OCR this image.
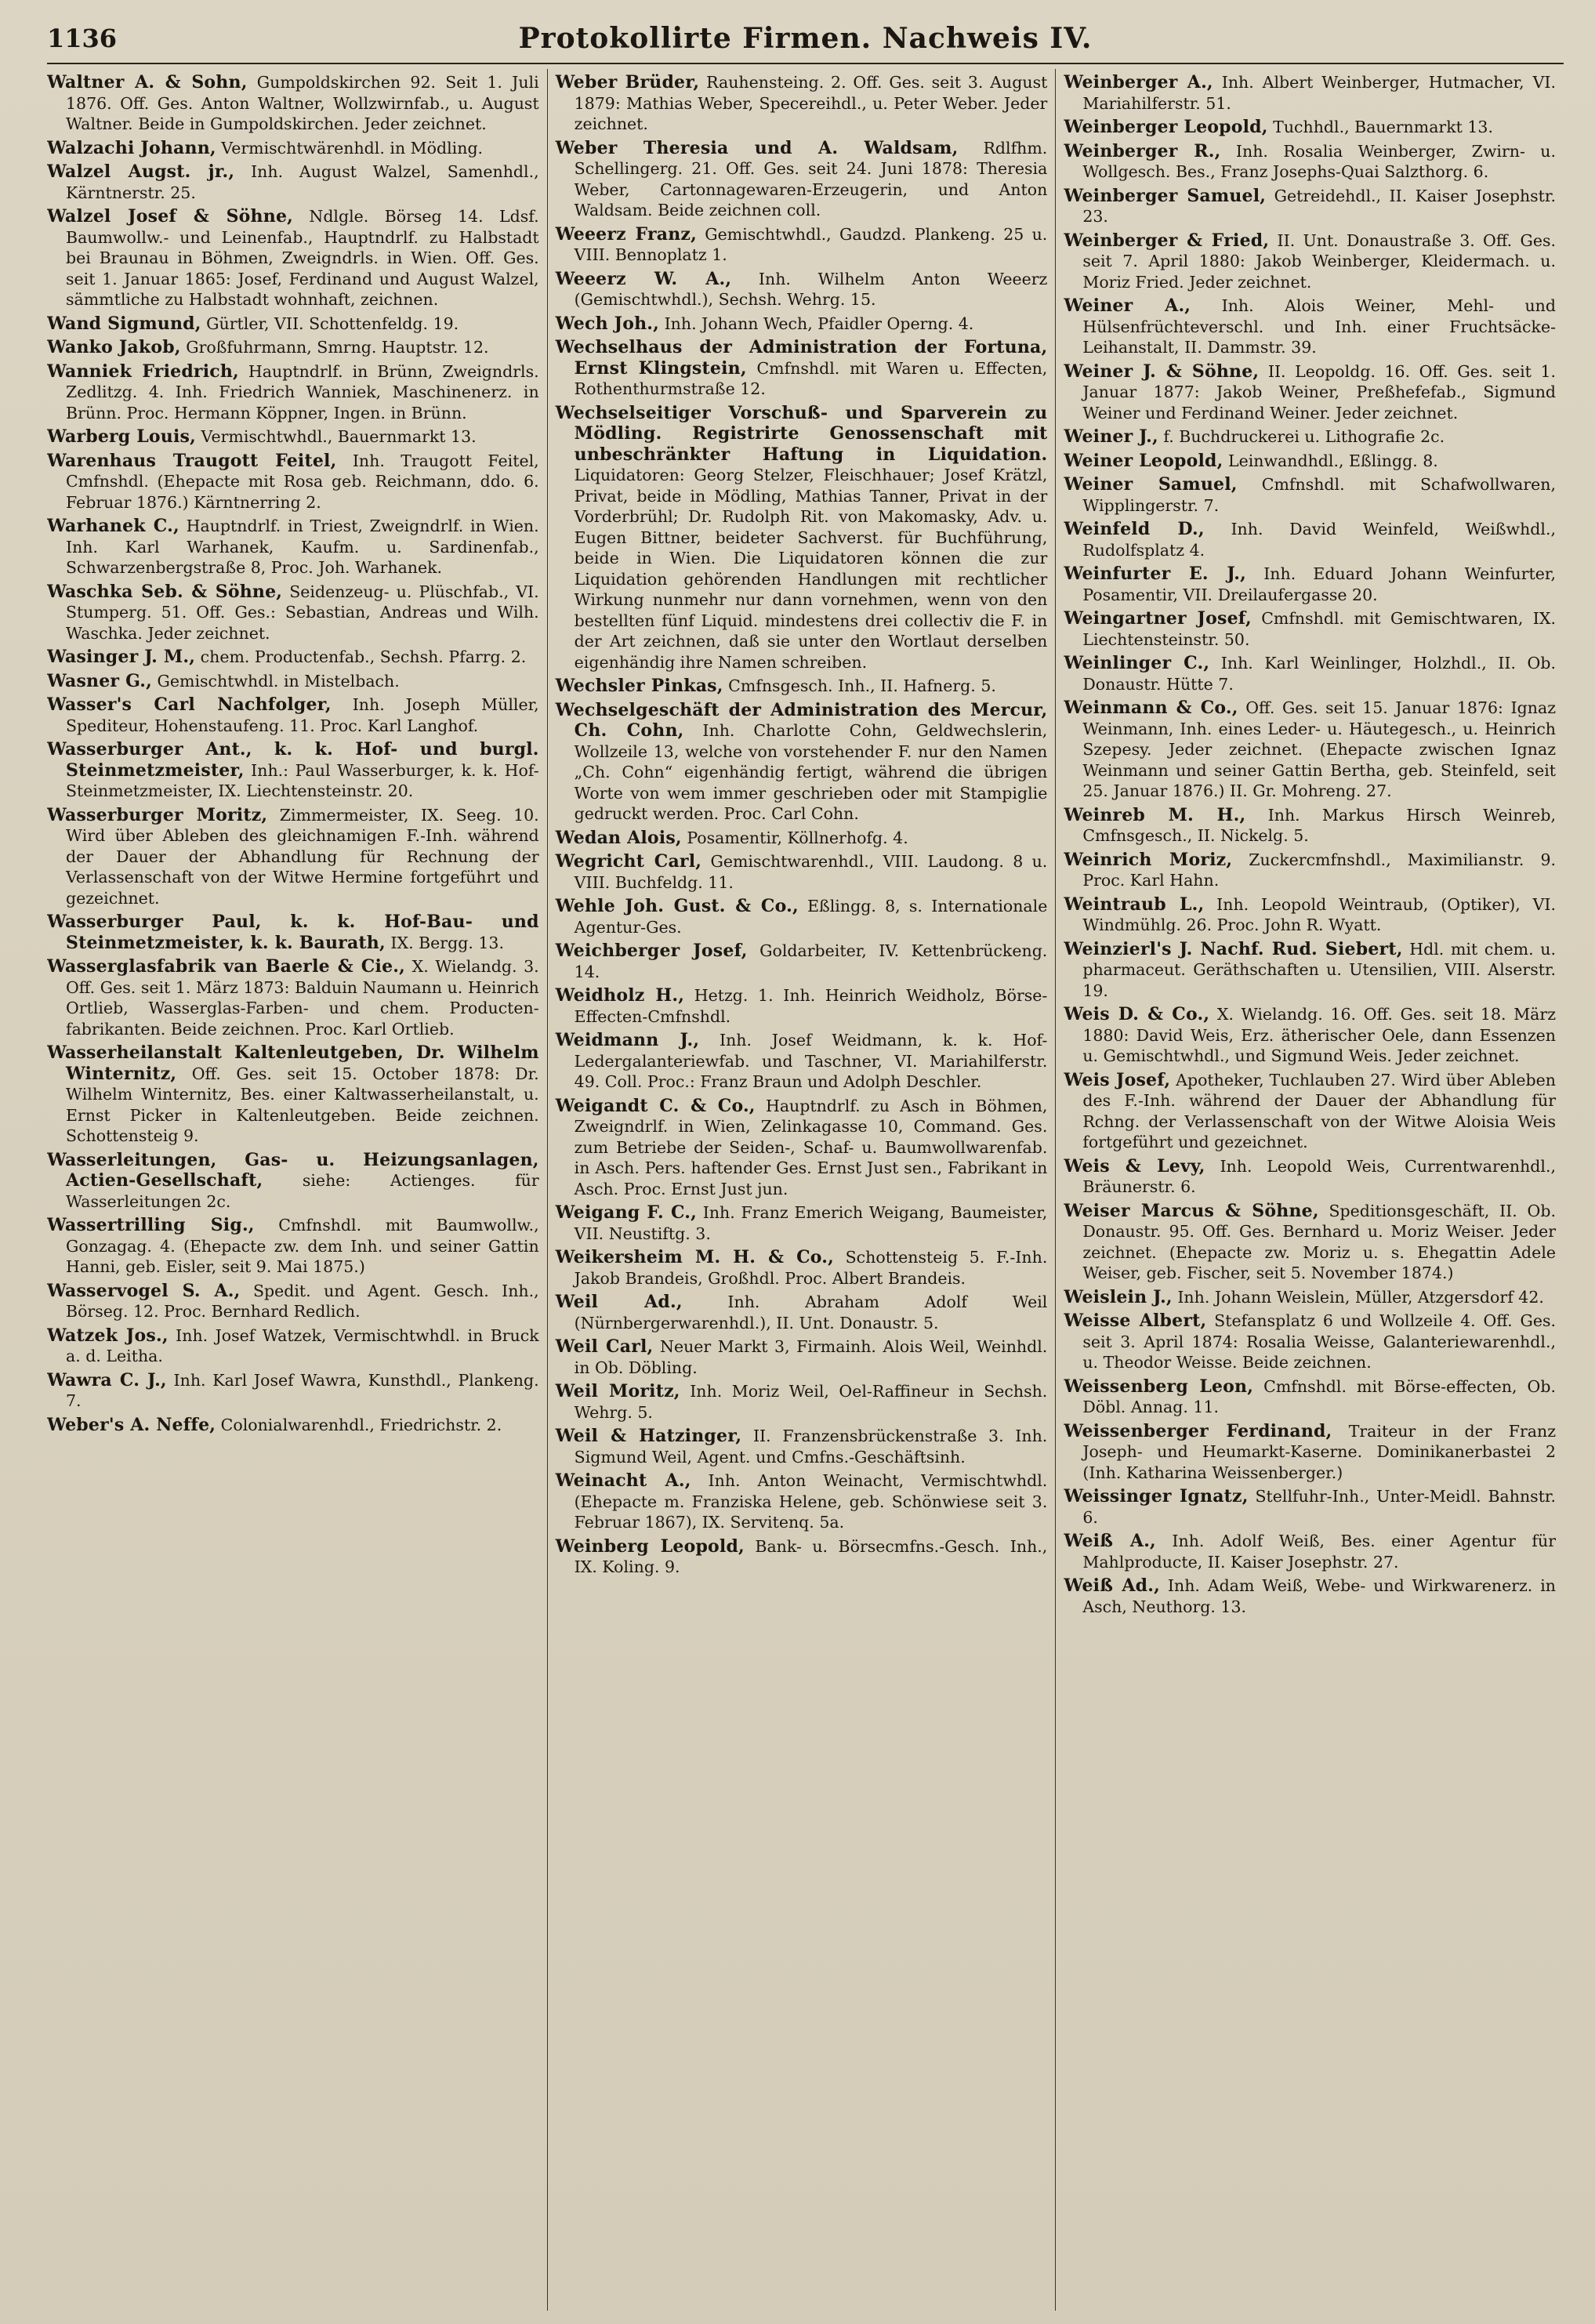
1136	Protokollirte Firmen. Nachweis IV.

Waltner A. & Sohn, Gumpoldskirchen 92. Seit 1. Juli 1876. Off. Ges. Anton Waltner, Wollzwirnfab., u. August Waltner. Beide in Gumpoldskirchen. Jeder zeichnet.

Walzachi Johann, Vermischtwärenhdl. in Mödling.

Walzel Augst. jr., Inh. August Walzel, Samenhdl., Kärntnerstr. 25.

Walzel Josef & Söhne, Ndlgle. Börseg 14. Ldsf. Baumwollw.- und Leinenfab., Hauptndrlf. zu Halbstadt bei Braunau in Böhmen, Zweigndrls. in Wien. Off. Ges. seit 1. Januar 1865: Josef, Ferdinand und August Walzel, sämmtliche zu Halbstadt wohnhaft, zeichnen.

Wand Sigmund, Gürtler, VII. Schottenfeldg. 19.

Wanko Jakob, Großfuhrmann, Smrng. Hauptstr. 12.

Wanniek Friedrich, Hauptndrlf. in Brünn, Zweigndrls. Zedlitzg. 4. Inh. Friedrich Wanniek, Maschinenerz. in Brünn. Proc. Hermann Köppner, Ingen. in Brünn.

Warberg Louis, Vermischtwhdl., Bauernmarkt 13.

Warenhaus Traugott Feitel, Inh. Traugott Feitel, Cmfnshdl. (Ehepacte mit Rosa geb. Reichmann, ddo. 6. Februar 1876.) Kärntnerring 2.

Warhanek C., Hauptndrlf. in Triest, Zweigndrlf. in Wien. Inh. Karl Warhanek, Kaufm. u. Sardinenfab., Schwarzenbergstraße 8, Proc. Joh. Warhanek.

Waschka Seb. & Söhne, Seidenzeug- u. Plüschfab., VI. Stumperg. 51. Off. Ges.: Sebastian, Andreas und Wilh. Waschka. Jeder zeichnet.

Wasinger J. M., chem. Productenfab., Sechsh. Pfarrg. 2.

Wasner G., Gemischtwhdl. in Mistelbach.

Wasser's Carl Nachfolger, Inh. Joseph Müller, Spediteur, Hohenstaufeng. 11. Proc. Karl Langhof.

Wasserburger Ant., k. k. Hof- und burgl. Steinmetzmeister, Inh.: Paul Wasserburger, k. k. Hof-Steinmetzmeister, IX. Liechtensteinstr. 20.

Wasserburger Moritz, Zimmermeister, IX. Seeg. 10. Wird über Ableben des gleichnamigen F.-Inh. während der Dauer der Abhandlung für Rechnung der Verlassenschaft von der Witwe Hermine fortgeführt und gezeichnet.

Wasserburger Paul, k. k. Hof-Bau- und Steinmetzmeister, k. k. Baurath, IX. Bergg. 13.

Wasserglasfabrik van Baerle & Cie., X. Wielandg. 3. Off. Ges. seit 1. März 1873: Balduin Naumann u. Heinrich Ortlieb, Wasserglas-Farben- und chem. Producten-fabrikanten. Beide zeichnen. Proc. Karl Ortlieb.

Wasserheilanstalt Kaltenleutgeben, Dr. Wilhelm Winternitz, Off. Ges. seit 15. October 1878: Dr. Wilhelm Winternitz, Bes. einer Kaltwasserheilanstalt, u. Ernst Picker in Kaltenleutgeben. Beide zeichnen. Schottensteig 9.

Wasserleitungen, Gas- u. Heizungsanlagen, Actien-Gesellschaft, siehe: Actienges. für Wasserleitungen 2c.

Wassertrilling Sig., Cmfnshdl. mit Baumwollw., Gonzagag. 4. (Ehepacte zw. dem Inh. und seiner Gattin Hanni, geb. Eisler, seit 9. Mai 1875.)

Wasservogel S. A., Spedit. und Agent. Gesch. Inh., Börseg. 12. Proc. Bernhard Redlich.

Watzek Jos., Inh. Josef Watzek, Vermischtwhdl. in Bruck a. d. Leitha.

Wawra C. J., Inh. Karl Josef Wawra, Kunsthdl., Plankeng. 7.

Weber's A. Neffe, Colonialwarenhdl., Friedrichstr. 2.

Weber Brüder, Rauhensteing. 2. Off. Ges. seit 3. August 1879: Mathias Weber, Specereihdl., u. Peter Weber. Jeder zeichnet.

Weber Theresia und A. Waldsam, Rdlfhm. Schellingerg. 21. Off. Ges. seit 24. Juni 1878: Theresia Weber, Cartonnagewaren-Erzeugerin, und Anton Waldsam. Beide zeichnen coll.

Weeerz Franz, Gemischtwhdl., Gaudzd. Plankeng. 25 u. VIII. Bennoplatz 1.

Weeerz W. A., Inh. Wilhelm Anton Weeerz (Gemischtwhdl.), Sechsh. Wehrg. 15.

Wech Joh., Inh. Johann Wech, Pfaidler Operng. 4.

Wechselhaus der Administration der Fortuna, Ernst Klingstein, Cmfnshdl. mit Waren u. Effecten, Rothenthurmstraße 12.

Wechselseitiger Vorschuß- und Sparverein zu Mödling. Registrirte Genossenschaft mit unbeschränkter Haftung in Liquidation. Liquidatoren: Georg Stelzer, Fleischhauer; Josef Krätzl, Privat, beide in Mödling, Mathias Tanner, Privat in der Vorderbrühl; Dr. Rudolph Rit. von Makomasky, Adv. u. Eugen Bittner, beideter Sachverst. für Buchführung, beide in Wien. Die Liquidatoren können die zur Liquidation gehörenden Handlungen mit rechtlicher Wirkung nunmehr nur dann vornehmen, wenn von den bestellten fünf Liquid. mindestens drei collectiv die F. in der Art zeichnen, daß sie unter den Wortlaut derselben eigenhändig ihre Namen schreiben.

Wechsler Pinkas, Cmfnsgesch. Inh., II. Hafnerg. 5.

Wechselgeschäft der Administration des Mercur, Ch. Cohn, Inh. Charlotte Cohn, Geldwechslerin, Wollzeile 13, welche von vorstehender F. nur den Namen „Ch. Cohn“ eigenhändig fertigt, während die übrigen Worte von wem immer geschrieben oder mit Stampiglie gedruckt werden. Proc. Carl Cohn.

Wedan Alois, Posamentir, Köllnerhofg. 4.

Wegricht Carl, Gemischtwarenhdl., VIII. Laudong. 8 u. VIII. Buchfeldg. 11.

Wehle Joh. Gust. & Co., Eßlingg. 8, s. Internationale Agentur-Ges.

Weichberger Josef, Goldarbeiter, IV. Kettenbrückeng. 14.

Weidholz H., Hetzg. 1. Inh. Heinrich Weidholz, Börse-Effecten-Cmfnshdl.

Weidmann J., Inh. Josef Weidmann, k. k. Hof-Ledergalanteriewfab. und Taschner, VI. Mariahilferstr. 49. Coll. Proc.: Franz Braun und Adolph Deschler.

Weigandt C. & Co., Hauptndrlf. zu Asch in Böhmen, Zweigndrlf. in Wien, Zelinkagasse 10, Command. Ges. zum Betriebe der Seiden-, Schaf- u. Baumwollwarenfab. in Asch. Pers. haftender Ges. Ernst Just sen., Fabrikant in Asch. Proc. Ernst Just jun.

Weigang F. C., Inh. Franz Emerich Weigang, Baumeister, VII. Neustiftg. 3.

Weikersheim M. H. & Co., Schottensteig 5. F.-Inh. Jakob Brandeis, Großhdl. Proc. Albert Brandeis.

Weil Ad.,	Inh. Abraham Adolf Weil (Nürnbergerwarenhdl.), II. Unt. Donaustr. 5.

Weil Carl, Neuer Markt 3, Firmainh. Alois Weil, Weinhdl. in Ob. Döbling.

Weil Moritz, Inh. Moriz Weil, Oel-Raffineur in Sechsh. Wehrg. 5.

Weil & Hatzinger, II. Franzensbrückenstraße 3. Inh. Sigmund Weil, Agent. und Cmfns.-Geschäftsinh.

Weinacht A., Inh. Anton Weinacht, Vermischtwhdl. (Ehepacte m. Franziska Helene, geb. Schönwiese seit 3. Februar 1867), IX. Servitenq. 5a.

Weinberg Leopold, Bank- u. Börsecmfns.-Gesch. Inh., IX. Koling. 9.

Weinberger A., Inh. Albert Weinberger, Hutmacher, VI. Mariahilferstr. 51.

Weinberger Leopold, Tuchhdl., Bauernmarkt 13.

Weinberger R., Inh. Rosalia Weinberger, Zwirn- u. Wollgesch. Bes., Franz Josephs-Quai Salzthorg. 6.

Weinberger Samuel, Getreidehdl., II. Kaiser Josephstr. 23.

Weinberger & Fried, II. Unt. Donaustraße 3. Off. Ges. seit 7. April 1880: Jakob Weinberger, Kleidermach. u. Moriz Fried. Jeder zeichnet.

Weiner A., Inh. Alois Weiner, Mehl- und Hülsenfrüchteverschl. und Inh. einer Fruchtsäcke-Leihanstalt, II. Dammstr. 39.

Weiner J. & Söhne, II. Leopoldg. 16. Off. Ges. seit 1. Januar 1877: Jakob Weiner, Preßhefefab., Sigmund Weiner und Ferdinand Weiner. Jeder zeichnet.

Weiner J., f. Buchdruckerei u. Lithografie 2c.

Weiner Leopold, Leinwandhdl., Eßlingg. 8.

Weiner Samuel, Cmfnshdl. mit Schafwollwaren, Wipplingerstr. 7.

Weinfeld D., Inh. David Weinfeld, Weißwhdl., Rudolfsplatz 4.

Weinfurter E. J., Inh. Eduard Johann Weinfurter, Posamentir, VII. Dreilaufergasse 20.

Weingartner Josef, Cmfnshdl. mit Gemischtwaren, IX. Liechtensteinstr. 50.

Weinlinger C., Inh. Karl Weinlinger, Holzhdl., II. Ob. Donaustr. Hütte 7.

Weinmann & Co., Off. Ges. seit 15. Januar 1876: Ignaz Weinmann, Inh. eines Leder- u. Häutegesch., u. Heinrich Szepesy. Jeder zeichnet. (Ehepacte zwischen Ignaz Weinmann und seiner Gattin Bertha, geb. Steinfeld, seit 25. Januar 1876.) II. Gr. Mohreng. 27.

Weinreb M. H., Inh. Markus Hirsch Weinreb, Cmfnsgesch., II. Nickelg. 5.

Weinrich Moriz, Zuckercmfnshdl., Maximilianstr. 9. Proc. Karl Hahn.

Weintraub L., Inh. Leopold Weintraub, (Optiker), VI. Windmühlg. 26. Proc. John R. Wyatt.

Weinzierl's J. Nachf. Rud. Siebert, Hdl. mit chem. u. pharmaceut. Geräthschaften u. Utensilien, VIII. Alserstr. 19.

Weis D. & Co., X. Wielandg. 16. Off. Ges. seit 18. März 1880: David Weis, Erz. ätherischer Oele, dann Essenzen u. Gemischtwhdl., und Sigmund Weis. Jeder zeichnet.

Weis Josef, Apotheker, Tuchlauben 27. Wird über Ableben des F.-Inh. während der Dauer der Abhandlung für Rchng. der Verlassenschaft von der Witwe Aloisia Weis fortgeführt und gezeichnet.

Weis & Levy, Inh. Leopold Weis, Currentwarenhdl., Bräunerstr. 6.

Weiser Marcus & Söhne, Speditionsgeschäft, II. Ob. Donaustr. 95. Off. Ges. Bernhard u. Moriz Weiser. Jeder zeichnet. (Ehepacte zw. Moriz u. s. Ehegattin Adele Weiser, geb. Fischer, seit 5. November 1874.)

Weislein J., Inh. Johann Weislein, Müller, Atzgersdorf 42.

Weisse Albert, Stefansplatz 6 und Wollzeile 4. Off. Ges. seit 3. April 1874: Rosalia Weisse, Galanteriewarenhdl., u. Theodor Weisse. Beide zeichnen.

Weissenberg Leon, Cmfnshdl. mit Börse-effecten, Ob. Döbl. Annag. 11.

Weissenberger Ferdinand, Traiteur in der Franz Joseph- und Heumarkt-Kaserne. Dominikanerbastei 2 (Inh. Katharina Weissenberger.)

Weissinger Ignatz, Stellfuhr-Inh., Unter-Meidl. Bahnstr. 6.

Weiß A., Inh. Adolf Weiß, Bes. einer Agentur für Mahlproducte, II. Kaiser Josephstr. 27.

Weiß Ad., Inh. Adam Weiß, Webe- und Wirkwarenerz. in Asch, Neuthorg. 13.
